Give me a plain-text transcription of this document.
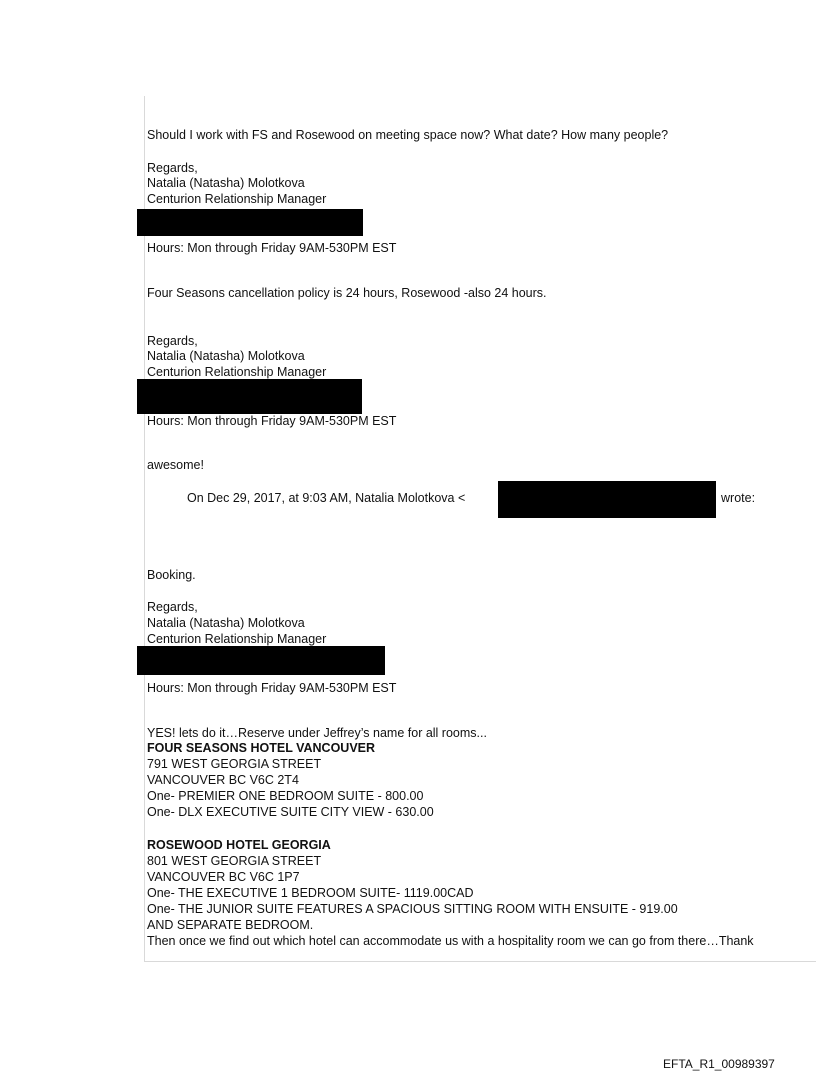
Should I work with FS and Rosewood on meeting space now? What date? How many people?
Regards,
Natalia (Natasha) Molotkova
Centurion Relationship Manager
Hours: Mon through Friday 9AM-530PM EST
Four Seasons cancellation policy is 24 hours, Rosewood -also 24 hours.
Regards,
Natalia (Natasha) Molotkova
Centurion Relationship Manager
Hours: Mon through Friday 9AM-530PM EST
awesome!
On Dec 29, 2017, at 9:03 AM, Natalia Molotkova <	wrote:
Booking.
Regards,
Natalia (Natasha) Molotkova
Centurion Relationship Manager
Hours: Mon through Friday 9AM-530PM EST
YES! lets do it…Reserve under Jeffrey’s name for all rooms...
FOUR SEASONS HOTEL VANCOUVER
791 WEST GEORGIA STREET
VANCOUVER BC V6C 2T4
One- PREMIER ONE BEDROOM SUITE - 800.00
One- DLX EXECUTIVE SUITE CITY VIEW - 630.00
ROSEWOOD HOTEL GEORGIA
801 WEST GEORGIA STREET
VANCOUVER BC V6C 1P7
One- THE EXECUTIVE 1 BEDROOM SUITE- 1119.00CAD
One- THE JUNIOR SUITE FEATURES A SPACIOUS SITTING ROOM WITH ENSUITE - 919.00
AND SEPARATE BEDROOM.
Then once we find out which hotel can accommodate us with a hospitality room we can go from there…Thank
EFTA_R1_00989397
